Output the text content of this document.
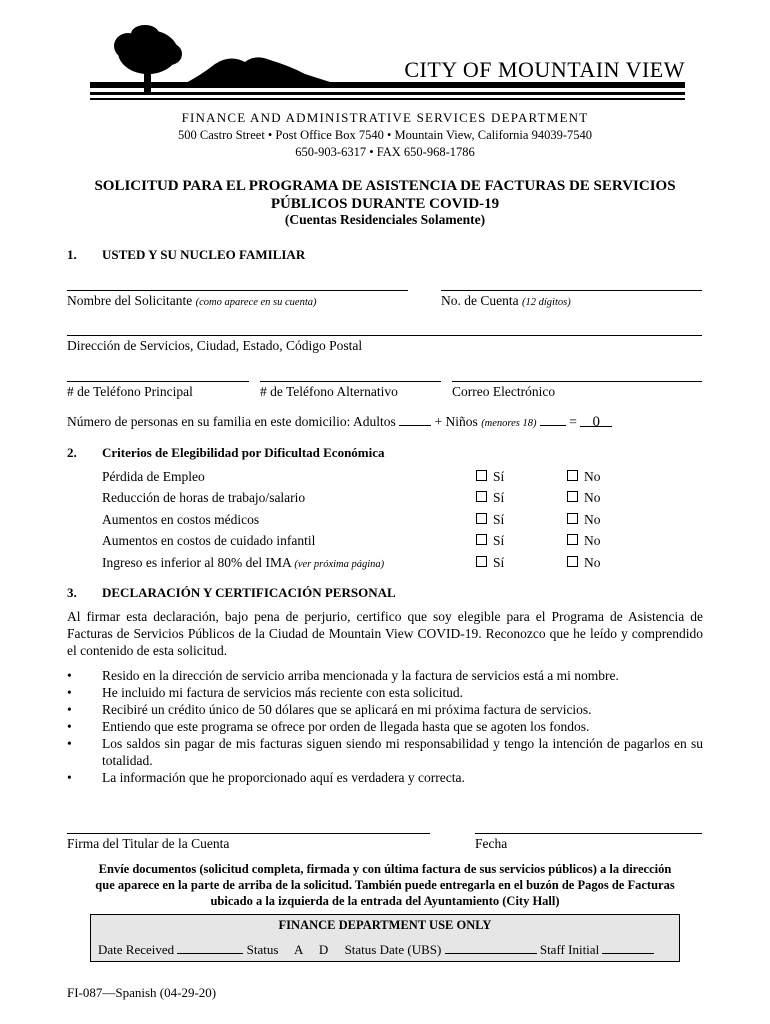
CITY OF MOUNTAIN VIEW
FINANCE AND ADMINISTRATIVE SERVICES DEPARTMENT
500 Castro Street • Post Office Box 7540 • Mountain View, California 94039-7540
650-903-6317 • FAX 650-968-1786
SOLICITUD PARA EL PROGRAMA DE ASISTENCIA DE FACTURAS DE SERVICIOS
PÚBLICOS DURANTE COVID-19
(Cuentas Residenciales Solamente)
1. USTED Y SU NUCLEO FAMILIAR
Nombre del Solicitante (como aparece en su cuenta)	No. de Cuenta (12 dígitos)
Dirección de Servicios, Ciudad, Estado, Código Postal
# de Teléfono Principal	# de Teléfono Alternativo	Correo Electrónico
Número de personas en su familia en este domicilio: Adultos	+ Niños (menores 18) = 0
2. Criterios de Elegibilidad por Dificultad Económica
Pérdida de Empleo	Sí	No
Reducción de horas de trabajo/salario	Sí	No
Aumentos en costos médicos	Sí	No
Aumentos en costos de cuidado infantil	Sí	No
Ingreso es inferior al 80% del IMA (ver próxima página)	Sí	No
3. DECLARACIÓN Y CERTIFICACIÓN PERSONAL
Al firmar esta declaración, bajo pena de perjurio, certifico que soy elegible para el Programa de Asistencia de Facturas de Servicios Públicos de la Ciudad de Mountain View COVID-19. Reconozco que he leído y comprendido el contenido de esta solicitud.
• Resido en la dirección de servicio arriba mencionada y la factura de servicios está a mi nombre.
• He incluido mi factura de servicios más reciente con esta solicitud.
• Recibiré un crédito único de 50 dólares que se aplicará en mi próxima factura de servicios.
• Entiendo que este programa se ofrece por orden de llegada hasta que se agoten los fondos.
• Los saldos sin pagar de mis facturas siguen siendo mi responsabilidad y tengo la intención de pagarlos en su totalidad.
• La información que he proporcionado aquí es verdadera y correcta.
Firma del Titular de la Cuenta	Fecha
Envíe documentos (solicitud completa, firmada y con última factura de sus servicios públicos) a la dirección
que aparece en la parte de arriba de la solicitud. También puede entregarla en el buzón de Pagos de Facturas
ubicado a la izquierda de la entrada del Ayuntamiento (City Hall)
FINANCE DEPARTMENT USE ONLY
Date Received	Status A D Status Date (UBS)	Staff Initial
FI-087—Spanish (04-29-20)
